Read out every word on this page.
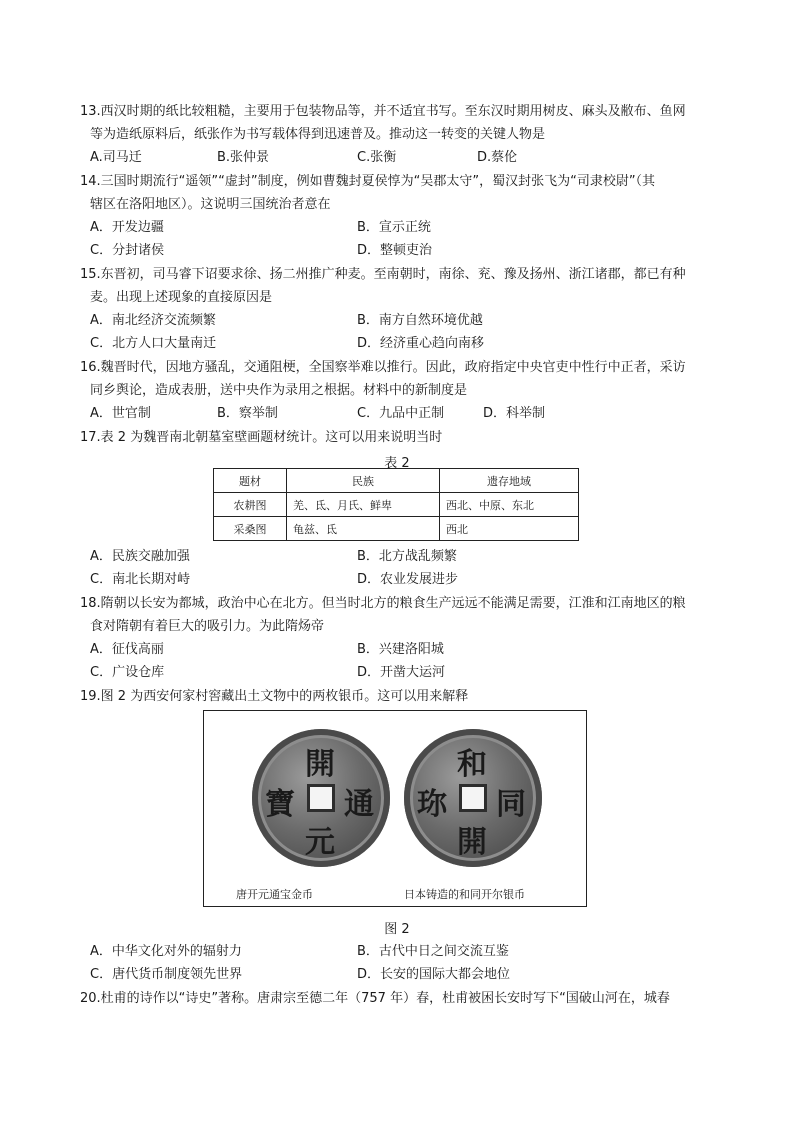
13.西汉时期的纸比较粗糙，主要用于包装物品等，并不适宜书写。至东汉时期用树皮、麻头及敝布、鱼网
等为造纸原料后，纸张作为书写载体得到迅速普及。推动这一转变的关键人物是

A.司马迁	B.张仲景	C.张衡	D.蔡伦

14.三国时期流行“遥领”“虚封”制度，例如曹魏封夏侯惇为“吴郡太守”，蜀汉封张飞为“司隶校尉”（其
辖区在洛阳地区）。这说明三国统治者意在

A．开发边疆	B．宣示正统
C．分封诸侯	D．整顿吏治

15.东晋初，司马睿下诏要求徐、扬二州推广种麦。至南朝时，南徐、兖、豫及扬州、浙江诸郡，都已有种
麦。出现上述现象的直接原因是

A．南北经济交流频繁	B．南方自然环境优越
C．北方人口大量南迁	D．经济重心趋向南移

16.魏晋时代，因地方骚乱，交通阻梗，全国察举难以推行。因此，政府指定中央官吏中性行中正者，采访
同乡舆论，造成表册，送中央作为录用之根据。材料中的新制度是

A．世官制	B．察举制	C．九品中正制	D．科举制

17.表 2 为魏晋南北朝墓室壁画题材统计。这可以用来说明当时

表 2
题材	民族	遗存地域
农耕图	羌、氐、月氏、鲜卑	西北、中原、东北
采桑图	龟兹、氐	西北
A．民族交融加强	B．北方战乱频繁
C．南北长期对峙	D．农业发展进步

18.隋朝以长安为都城，政治中心在北方。但当时北方的粮食生产远远不能满足需要，江淮和江南地区的粮
食对隋朝有着巨大的吸引力。为此隋炀帝

A．征伐高丽	B．兴建洛阳城
C．广设仓库	D．开凿大运河

19.图 2 为西安何家村窖藏出土文物中的两枚银币。这可以用来解释

開
元
通
寶
和
開
同
珎
唐开元通宝金币	日本铸造的和同开尔银币
图 2
A．中华文化对外的辐射力	B．古代中日之间交流互鉴
C．唐代货币制度领先世界	D．长安的国际大都会地位

20.杜甫的诗作以“诗史”著称。唐肃宗至德二年（757 年）春，杜甫被困长安时写下“国破山河在，城春
